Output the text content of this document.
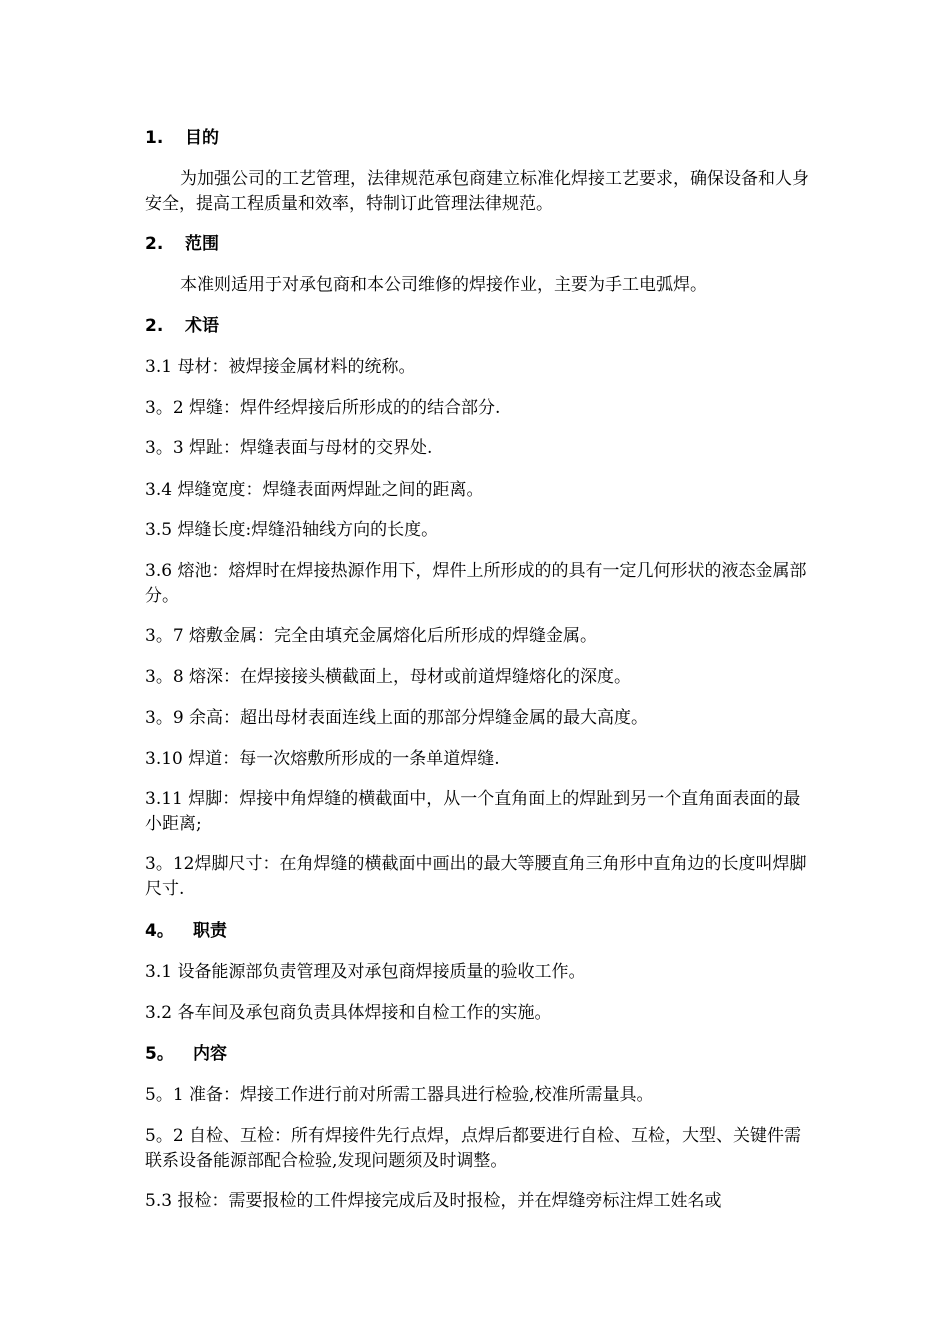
1. 目的
为加强公司的工艺管理，法律规范承包商建立标准化焊接工艺要求，确保设备和人身安全，提高工程质量和效率，特制订此管理法律规范。
2. 范围
本准则适用于对承包商和本公司维修的焊接作业，主要为手工电弧焊。
2. 术语
3.1 母材：被焊接金属材料的统称。
3。2 焊缝：焊件经焊接后所形成的的结合部分.
3。3 焊趾：焊缝表面与母材的交界处.
3.4 焊缝宽度：焊缝表面两焊趾之间的距离。
3.5 焊缝长度:焊缝沿轴线方向的长度。
3.6 熔池：熔焊时在焊接热源作用下，焊件上所形成的的具有一定几何形状的液态金属部分。
3。7 熔敷金属：完全由填充金属熔化后所形成的焊缝金属。
3。8 熔深：在焊接接头横截面上，母材或前道焊缝熔化的深度。
3。9 余高：超出母材表面连线上面的那部分焊缝金属的最大高度。
3.10 焊道：每一次熔敷所形成的一条单道焊缝.
3.11 焊脚：焊接中角焊缝的横截面中，从一个直角面上的焊趾到另一个直角面表面的最小距离;
3。12焊脚尺寸：在角焊缝的横截面中画出的最大等腰直角三角形中直角边的长度叫焊脚尺寸.
4。 职责
3.1 设备能源部负责管理及对承包商焊接质量的验收工作。
3.2 各车间及承包商负责具体焊接和自检工作的实施。
5。 内容
5。1 准备：焊接工作进行前对所需工器具进行检验,校准所需量具。
5。2 自检、互检：所有焊接件先行点焊，点焊后都要进行自检、互检，大型、关键件需联系设备能源部配合检验,发现问题须及时调整。
5.3 报检：需要报检的工件焊接完成后及时报检，并在焊缝旁标注焊工姓名或
